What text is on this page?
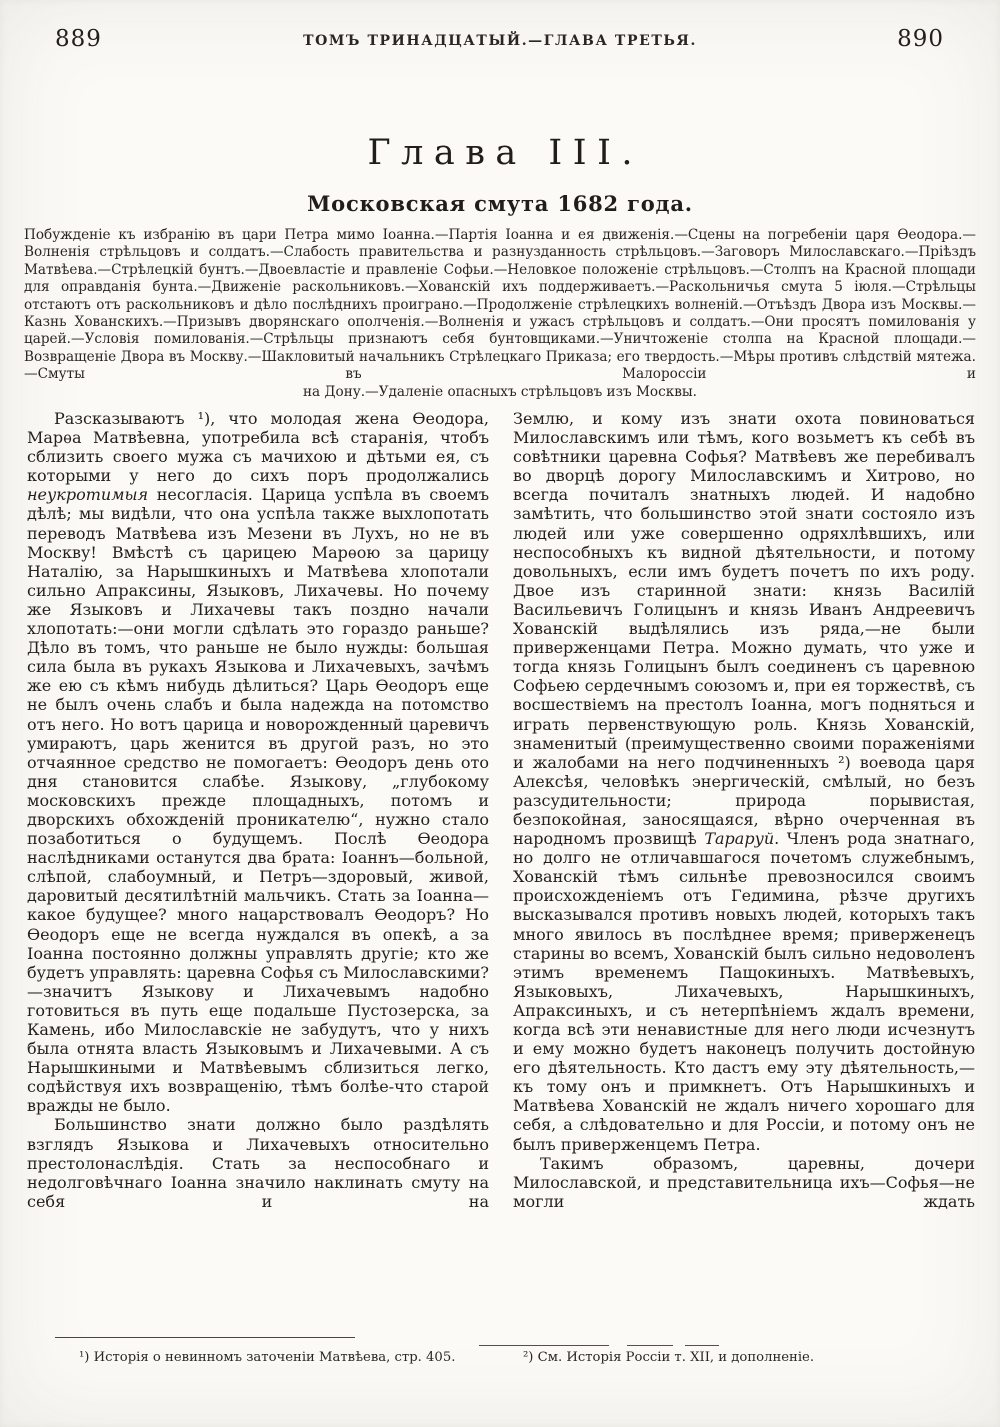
889	ТОМЪ ТРИНАДЦАТЫЙ.—ГЛАВА ТРЕТЬЯ.	890
Глава III.
Московская смута 1682 года.
Побужденіе къ избранію въ цари Петра мимо Іоанна.—Партія Іоанна и ея движенія.—Сцены на погребеніи царя Ѳеодора.—Волненія стрѣльцовъ и солдатъ.—Слабость правительства и разнузданность стрѣльцовъ.—Заговоръ Милославскаго.—Пріѣздъ Матвѣева.—Стрѣлецкій бунтъ.—Двоевластіе и правленіе Софьи.—Неловкое положеніе стрѣльцовъ.—Столпъ на Красной площади для оправданія бунта.—Движеніе раскольниковъ.—Хованскій ихъ поддерживаетъ.—Раскольничья смута 5 іюля.—Стрѣльцы отстаютъ отъ раскольниковъ и дѣло послѣднихъ проиграно.—Продолженіе стрѣлецкихъ волненій.—Отъѣздъ Двора изъ Москвы.—Казнь Хованскихъ.—Призывъ дворянскаго ополченія.—Волненія и ужасъ стрѣльцовъ и солдатъ.—Они просятъ помилованія у царей.—Условія помилованія.—Стрѣльцы признаютъ себя бунтовщиками.—Уничтоженіе столпа на Красной площади.—Возвращеніе Двора въ Москву.—Шакловитый начальникъ Стрѣлецкаго Приказа; его твердость.—Мѣры противъ слѣдствій мятежа.—Смуты въ Малороссіи и
на Дону.—Удаленіе опасныхъ стрѣльцовъ изъ Москвы.

Разсказываютъ ¹), что молодая жена Ѳеодора, Марѳа Матвѣевна, употребила всѣ старанія, чтобъ сблизить своего мужа съ мачихою и дѣтьми ея, съ которыми у него до сихъ поръ продолжались неукротимыя несогласія. Царица успѣла въ своемъ дѣлѣ; мы видѣли, что она успѣла также выхлопотать переводъ Матвѣева изъ Мезени въ Лухъ, но не въ Москву! Вмѣстѣ съ царицею Марѳою за царицу Наталію, за Нарышкиныхъ и Матвѣева хлопотали сильно Апраксины, Языковъ, Лихачевы. Но почему же Языковъ и Лихачевы такъ поздно начали хлопотать:—они могли сдѣлать это гораздо раньше? Дѣло въ томъ, что раньше не было нужды: большая сила была въ рукахъ Языкова и Лихачевыхъ, зачѣмъ же ею съ кѣмъ нибудь дѣлиться? Царь Ѳеодоръ еще не былъ очень слабъ и была надежда на потомство отъ него. Но вотъ царица и новорожденный царевичъ умираютъ, царь женится въ другой разъ, но это отчаянное средство не помогаетъ: Ѳеодоръ день ото дня становится слабѣе. Языкову, „глубокому московскихъ прежде площадныхъ, потомъ и дворскихъ обхожденій проникателю“, нужно стало позаботиться о будущемъ. Послѣ Ѳеодора наслѣдниками останутся два брата: Іоаннъ—больной, слѣпой, слабоумный, и Петръ—здоровый, живой, даровитый десятилѣтній мальчикъ. Стать за Іоанна—какое будущее? много нацарствовалъ Ѳеодоръ? Но Ѳеодоръ еще не всегда нуждался въ опекѣ, а за Іоанна постоянно должны управлять другіе; кто же будетъ управлять: царевна Софья съ Милославскими?—значитъ Языкову и Лихачевымъ надобно готовиться въ путь еще подальше Пустозерска, за Камень, ибо Милославскіе не забудутъ, что у нихъ была отнята власть Языковымъ и Лихачевыми. А съ Нарышкиными и Матвѣевымъ сблизиться легко, содѣйствуя ихъ возвращенію, тѣмъ болѣе-что старой вражды не было.

Большинство знати должно было раздѣлять взглядъ Языкова и Лихачевыхъ относительно престолонаслѣдія. Стать за неспособнаго и недолговѣчнаго Іоанна значило наклинать смуту на себя и на

Землю, и кому изъ знати охота повиноваться Милославскимъ или тѣмъ, кого возьметъ къ себѣ въ совѣтники царевна Софья? Матвѣевъ же перебивалъ во дворцѣ дорогу Милославскимъ и Хитрово, но всегда почиталъ знатныхъ людей. И надобно замѣтить, что большинство этой знати состояло изъ людей или уже совершенно одряхлѣвшихъ, или неспособныхъ къ видной дѣятельности, и потому довольныхъ, если имъ будетъ почетъ по ихъ роду. Двое изъ старинной знати: князь Василій Васильевичъ Голицынъ и князь Иванъ Андреевичъ Хованскій выдѣлялись изъ ряда,—не были приверженцами Петра. Можно думать, что уже и тогда князь Голицынъ былъ соединенъ съ царевною Софьею сердечнымъ союзомъ и, при ея торжествѣ, съ восшествіемъ на престолъ Іоанна, могъ подняться и играть первенствующую роль. Князь Хованскій, знаменитый (преимущественно своими пораженіями и жалобами на него подчиненныхъ ²) воевода царя Алексѣя, человѣкъ энергическій, смѣлый, но безъ разсудительности; природа порывистая, безпокойная, заносящаяся, вѣрно очерченная въ народномъ прозвищѣ Тараруй. Членъ рода знатнаго, но долго не отличавшагося почетомъ служебнымъ, Хованскій тѣмъ сильнѣе превозносился своимъ происхожденіемъ отъ Гедимина, рѣзче другихъ высказывался противъ новыхъ людей, которыхъ такъ много явилось въ послѣднее время; приверженецъ старины во всемъ, Хованскій былъ сильно недоволенъ этимъ временемъ Пащокиныхъ. Матвѣевыхъ, Языковыхъ, Лихачевыхъ, Нарышкиныхъ, Апраксиныхъ, и съ нетерпѣніемъ ждалъ времени, когда всѣ эти ненавистные для него люди исчезнутъ и ему можно будетъ наконецъ получить достойную его дѣятельность. Кто дастъ ему эту дѣятельность,—къ тому онъ и примкнетъ. Отъ Нарышкиныхъ и Матвѣева Хованскій не ждалъ ничего хорошаго для себя, а слѣдовательно и для Россіи, и потому онъ не былъ приверженцемъ Петра.

Такимъ образомъ, царевны, дочери Милославской, и представительница ихъ—Софья—не могли ждать

¹) Исторія о невинномъ заточеніи Матвѣева, стр. 405.	²) См. Исторія Россіи т. XII, и дополненіе.
